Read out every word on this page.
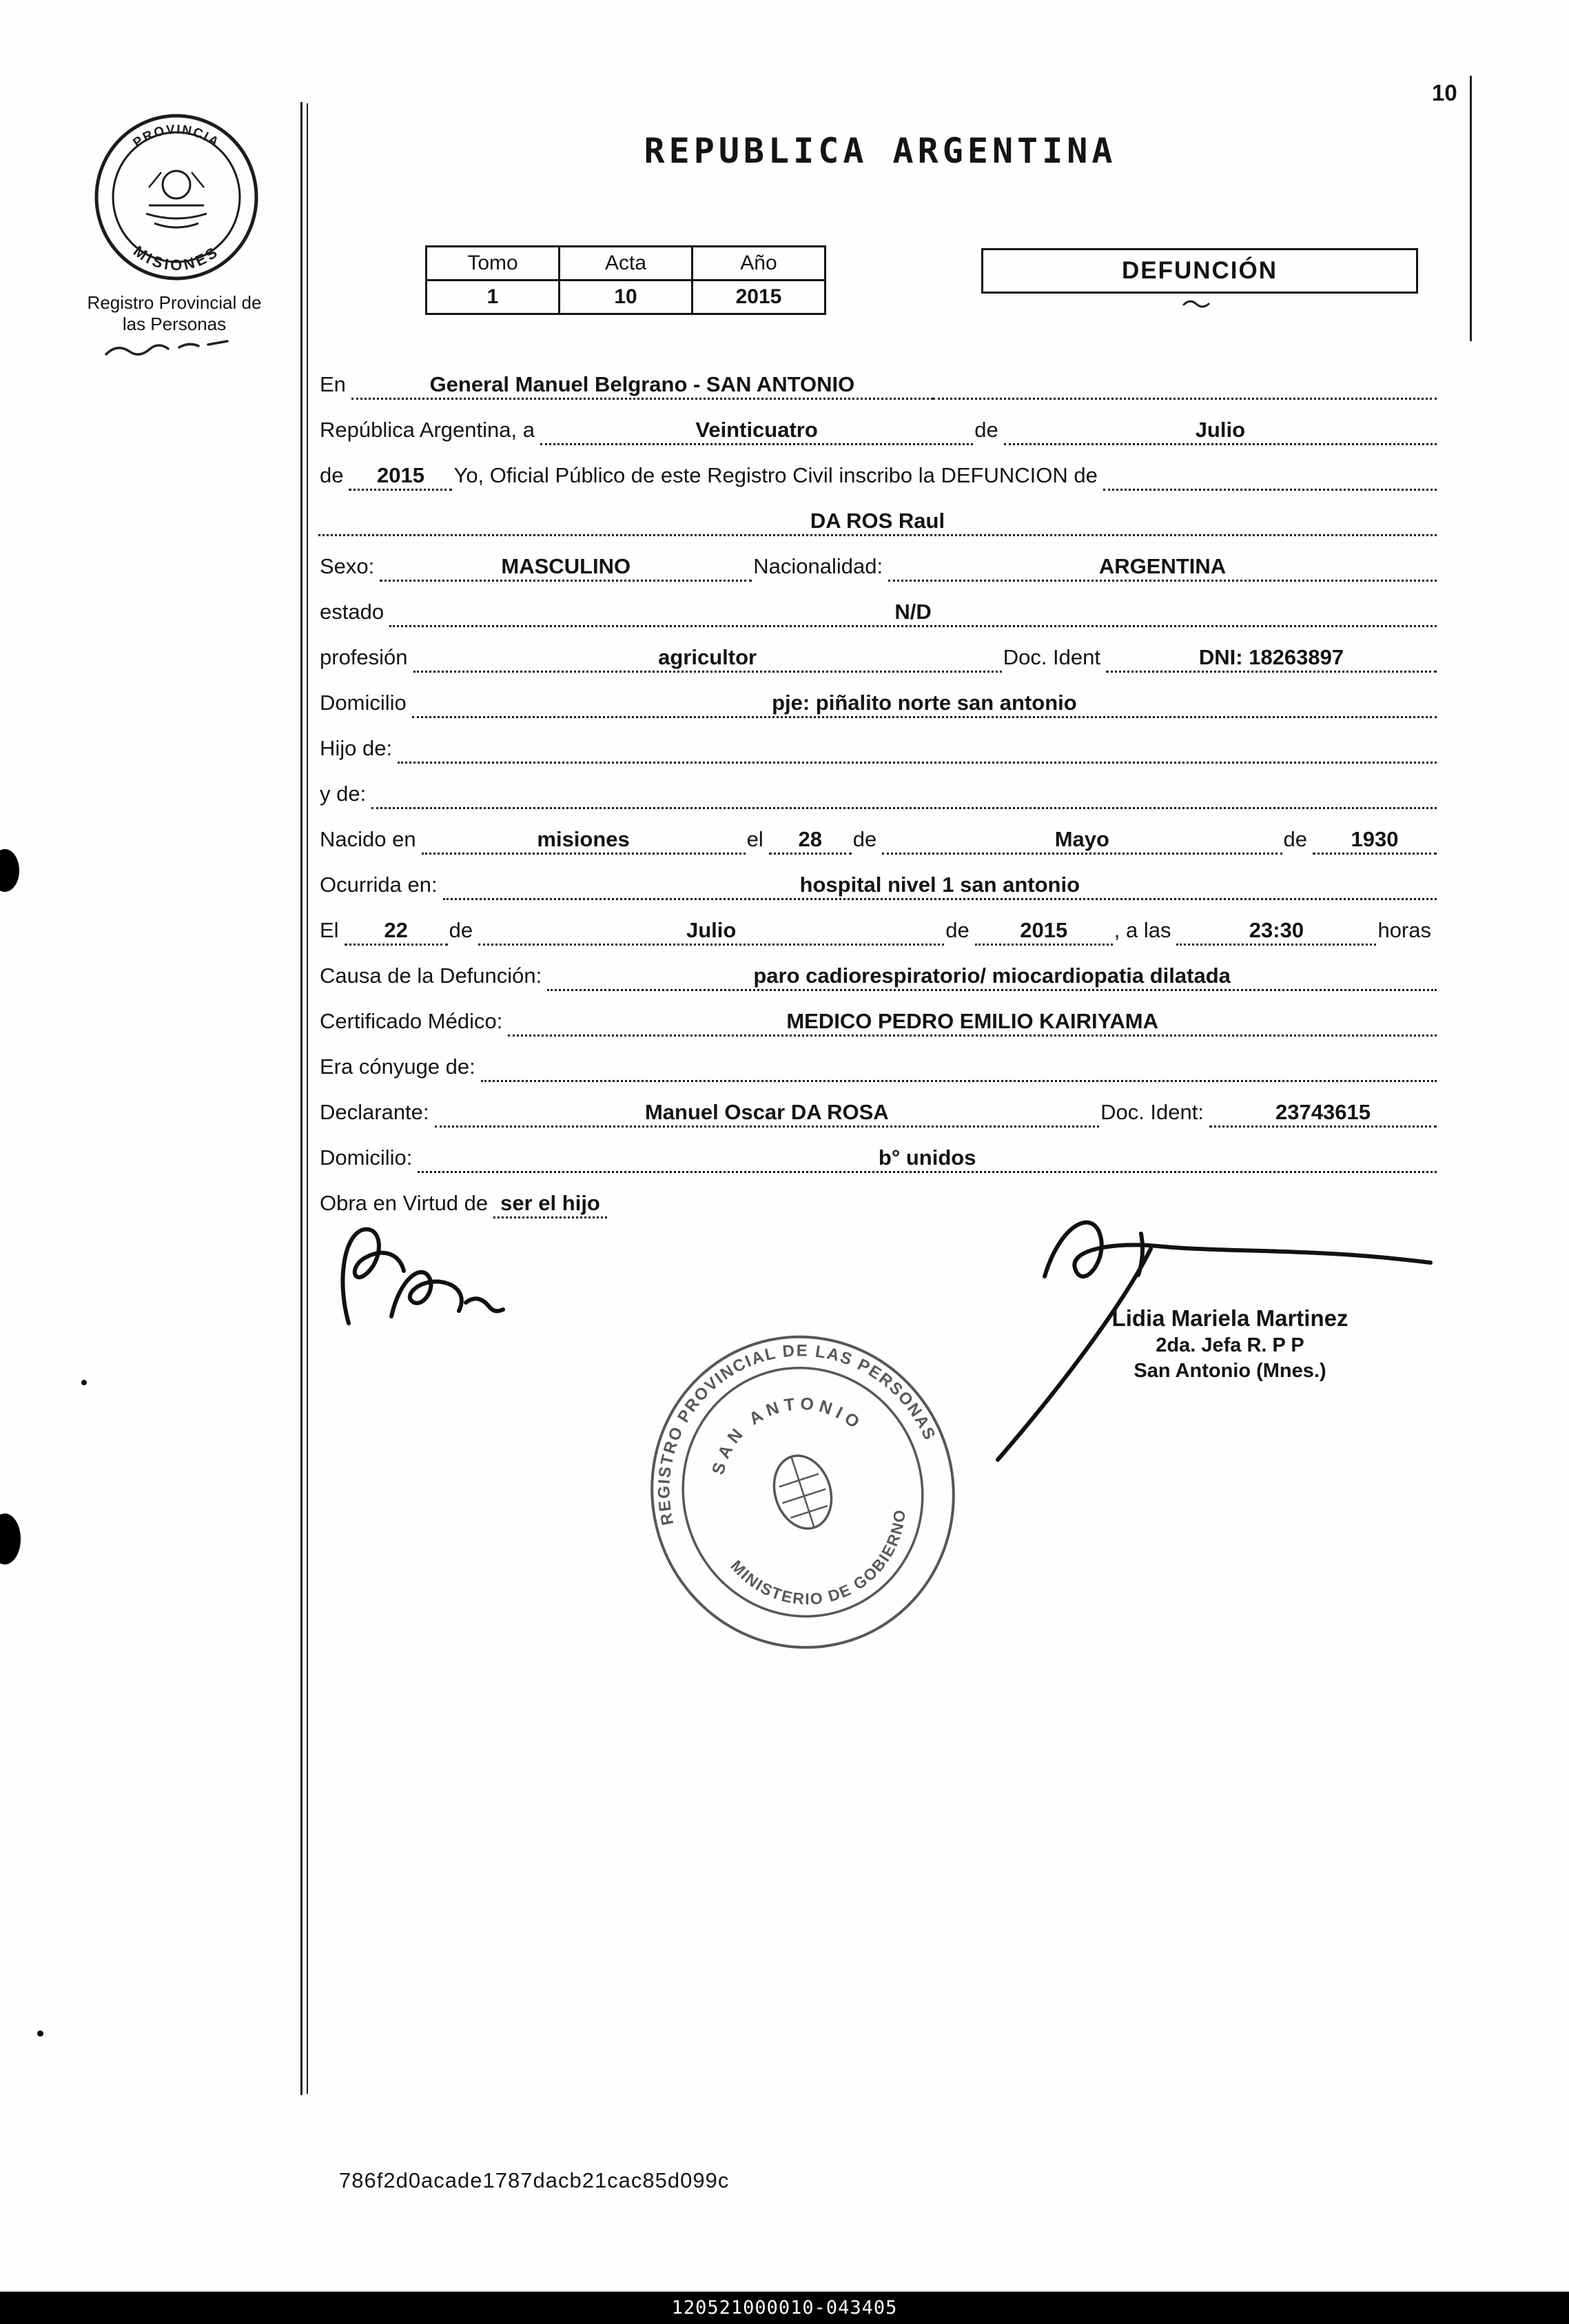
10
PROVINCIA
MISIONES
Registro Provincial de
las Personas
REPUBLICA ARGENTINA
Tomo	Acta	Año
1	10	2015
DEFUNCIÓN
En	General Manuel Belgrano - SAN ANTONIO
República Argentina, a	Veinticuatro	de	Julio
de	2015	Yo, Oficial Público de este Registro Civil inscribo la DEFUNCION de
DA ROS Raul
Sexo:	MASCULINO	Nacionalidad:	ARGENTINA
estado	N/D
profesión	agricultor	Doc. Ident	DNI: 18263897
Domicilio	pje: piñalito norte san antonio
Hijo de:
y de:
Nacido en	misiones	el	28	de	Mayo	de	1930
Ocurrida en:	hospital nivel 1 san antonio
El	22	de	Julio	de	2015	, a las	23:30	horas
Causa de la Defunción:	paro cadiorespiratorio/ miocardiopatia dilatada
Certificado Médico:	MEDICO PEDRO EMILIO KAIRIYAMA
Era cónyuge de:
Declarante:	Manuel Oscar DA ROSA	Doc. Ident:	23743615
Domicilio:	b° unidos
Obra en Virtud de ser el hijo
Lidia Mariela Martinez
2da. Jefa R. P P
San Antonio (Mnes.)
REGISTRO PROVINCIAL DE LAS PERSONAS
SAN ANTONIO
MINISTERIO DE GOBIERNO
786f2d0acade1787dacb21cac85d099c
120521000010-043405
